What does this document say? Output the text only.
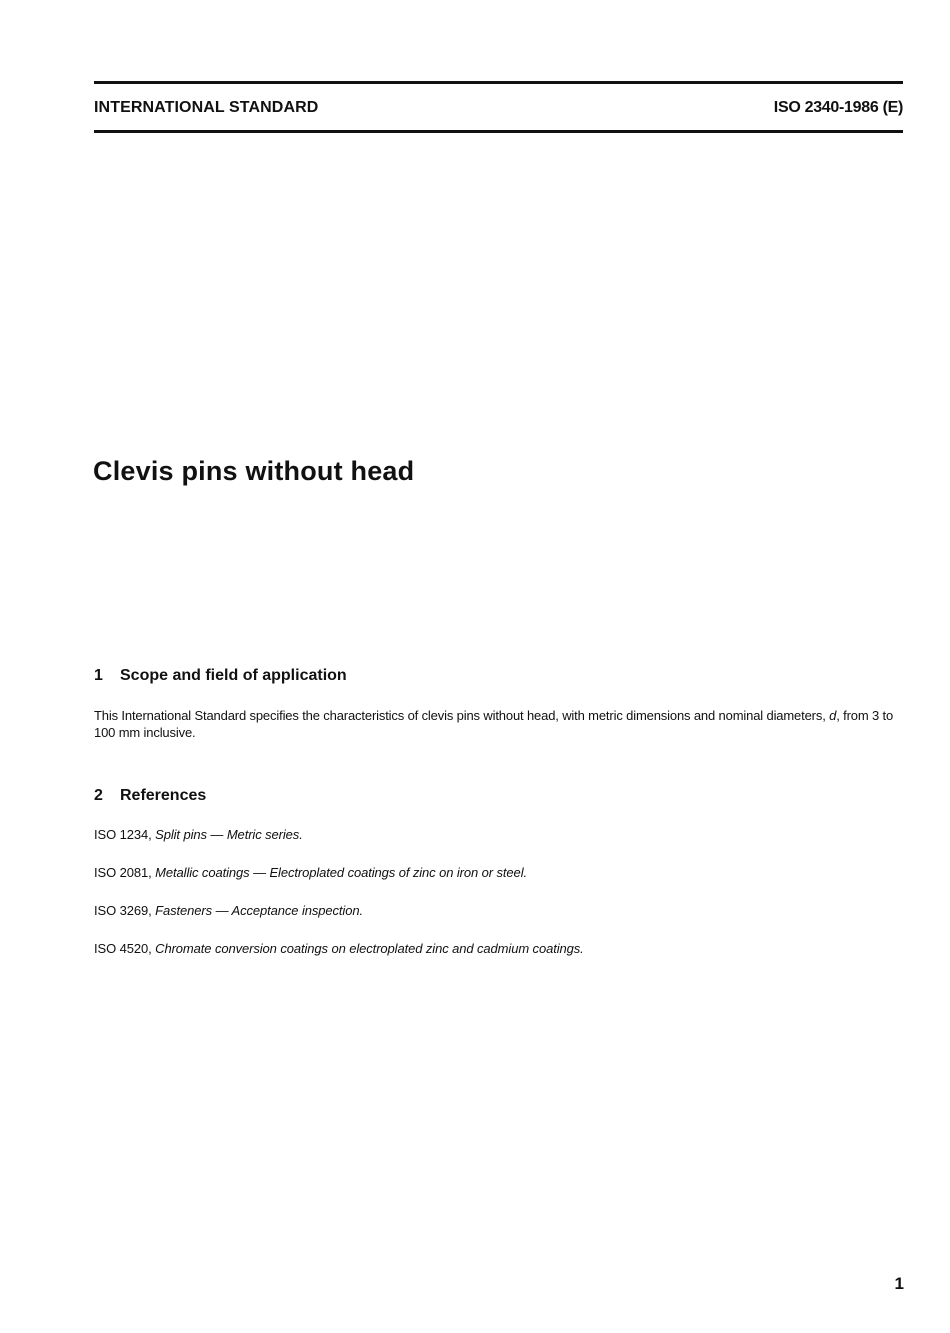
INTERNATIONAL STANDARD	ISO 2340-1986 (E)
Clevis pins without head
1	Scope and field of application

This International Standard specifies the characteristics of clevis pins without head, with metric dimensions and nominal diameters, d, from 3 to 100 mm inclusive.

2	References

ISO 1234, Split pins — Metric series.

ISO 2081, Metallic coatings — Electroplated coatings of zinc on iron or steel.

ISO 3269, Fasteners — Acceptance inspection.

ISO 4520, Chromate conversion coatings on electroplated zinc and cadmium coatings.

1
